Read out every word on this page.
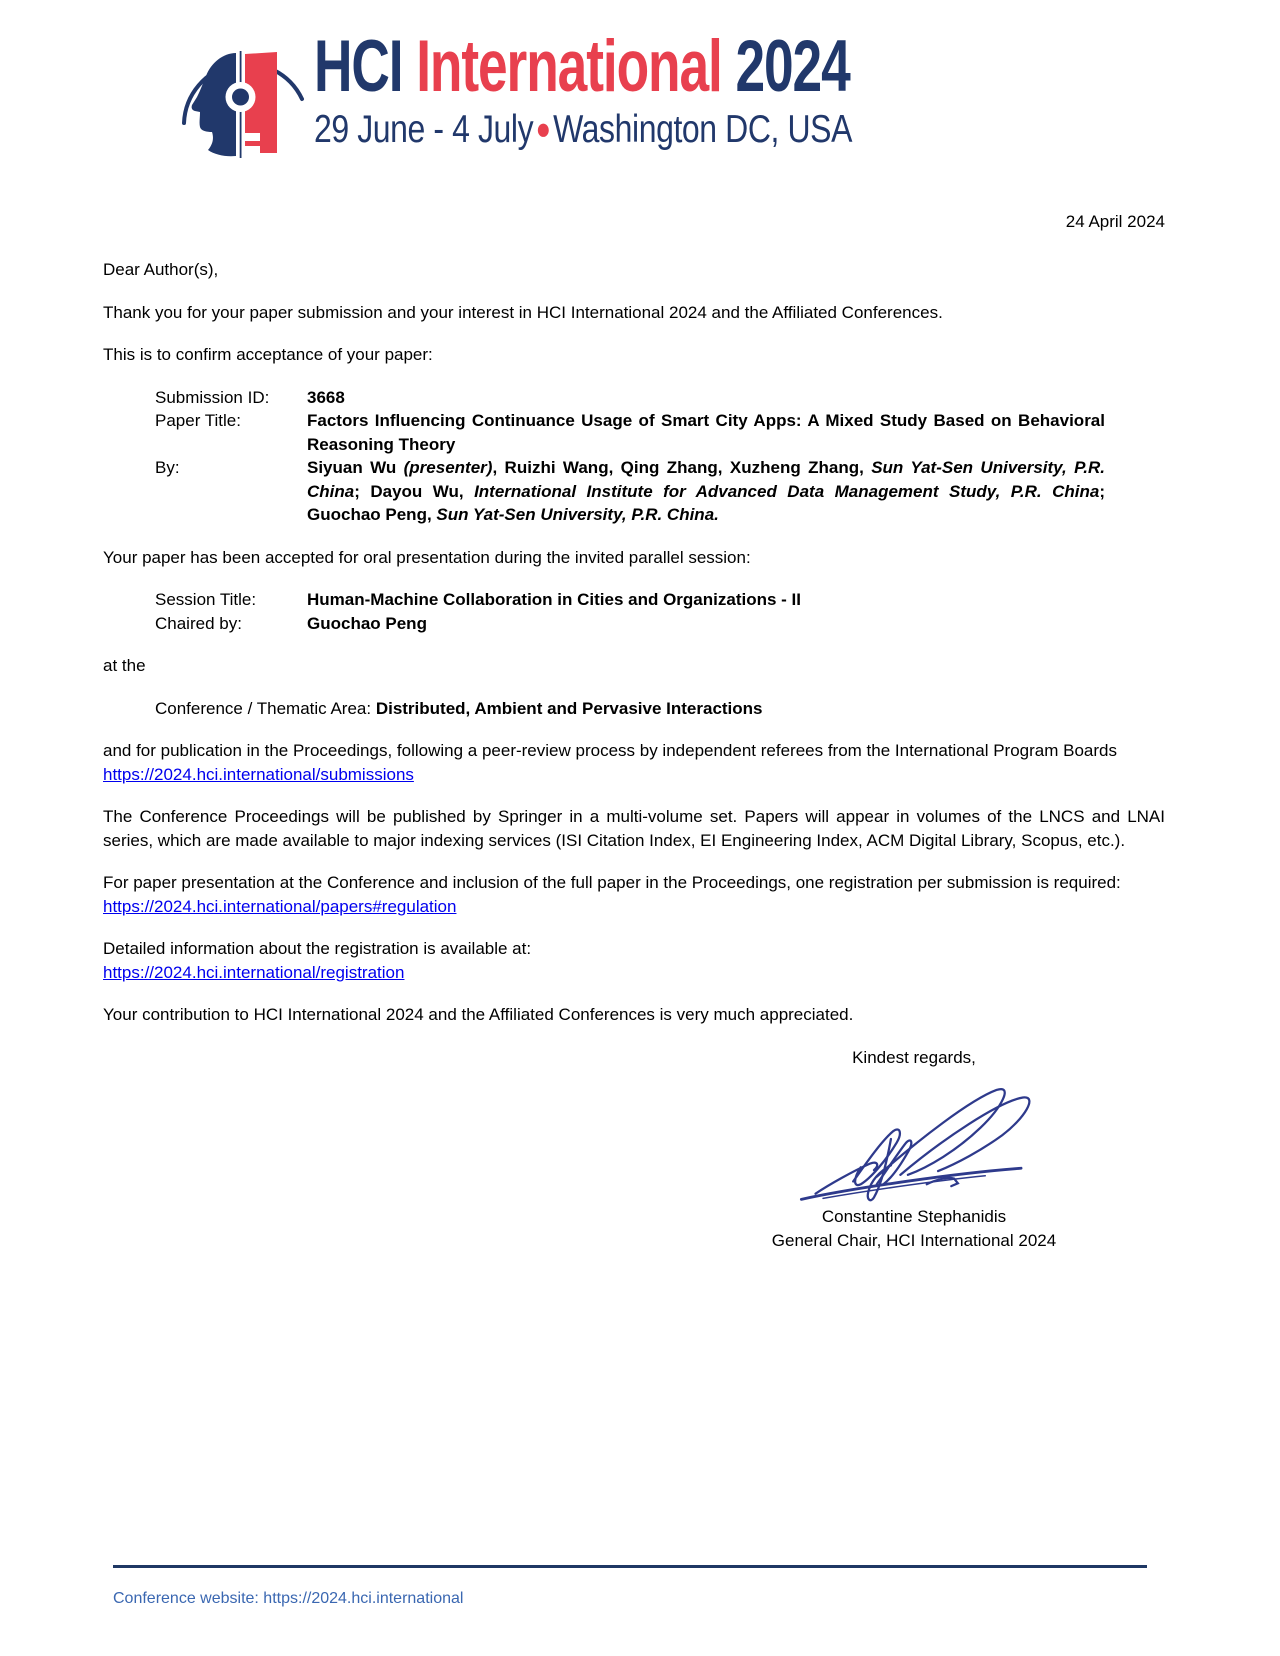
HCI International 2024
29 June - 4 July●Washington DC, USA
24 April 2024
Dear Author(s),
Thank you for your paper submission and your interest in HCI International 2024 and the Affiliated Conferences.
This is to confirm acceptance of your paper:
Submission ID:	3668
Paper Title:	Factors Influencing Continuance Usage of Smart City Apps: A Mixed Study Based on Behavioral Reasoning Theory
By:	Siyuan Wu (presenter), Ruizhi Wang, Qing Zhang, Xuzheng Zhang, Sun Yat-Sen University, P.R. China; Dayou Wu, International Institute for Advanced Data Management Study, P.R. China; Guochao Peng, Sun Yat-Sen University, P.R. China.
Your paper has been accepted for oral presentation during the invited parallel session:
Session Title:	Human-Machine Collaboration in Cities and Organizations - II
Chaired by:	Guochao Peng
at the
Conference / Thematic Area: Distributed, Ambient and Pervasive Interactions
and for publication in the Proceedings, following a peer-review process by independent referees from the International Program Boards
https://2024.hci.international/submissions
The Conference Proceedings will be published by Springer in a multi-volume set. Papers will appear in volumes of the LNCS and LNAI series, which are made available to major indexing services (ISI Citation Index, EI Engineering Index, ACM Digital Library, Scopus, etc.).
For paper presentation at the Conference and inclusion of the full paper in the Proceedings, one registration per submission is required:
https://2024.hci.international/papers#regulation
Detailed information about the registration is available at:
https://2024.hci.international/registration
Your contribution to HCI International 2024 and the Affiliated Conferences is very much appreciated.
Kindest regards,
Constantine Stephanidis
General Chair, HCI International 2024
Conference website: https://2024.hci.international
